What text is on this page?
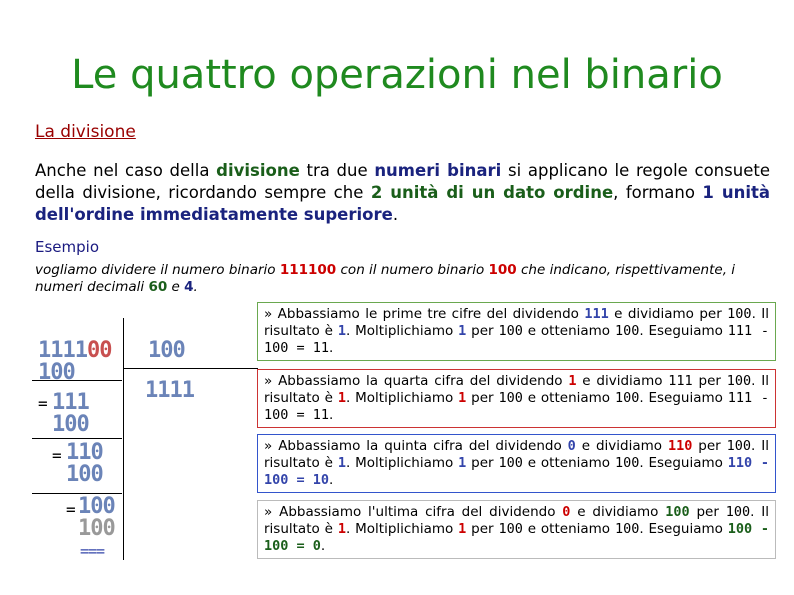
Le quattro operazioni nel binario
La divisione
Anche nel caso della divisione tra due numeri binari si applicano le regole consuete della divisione, ricordando sempre che 2 unità di un dato ordine, formano 1 unità dell'ordine immediatamente superiore.
Esempio
vogliamo dividere il numero binario 111100 con il numero binario 100 che indicano, rispettivamente, i numeri decimali 60 e 4.
111100 100
100
1111
= 111
100
= 110
100
= 100
100
===
» Abbassiamo le prime tre cifre del dividendo 111 e dividiamo per 100. Il risultato è 1. Moltiplichiamo 1 per 100 e otteniamo 100. Eseguiamo 111 - 100 = 11.
» Abbassiamo la quarta cifra del dividendo 1 e dividiamo 111 per 100. Il risultato è 1. Moltiplichiamo 1 per 100 e otteniamo 100. Eseguiamo 111 - 100 = 11.
» Abbassiamo la quinta cifra del dividendo 0 e dividiamo 110 per 100. Il risultato è 1. Moltiplichiamo 1 per 100 e otteniamo 100. Eseguiamo 110 - 100 = 10.
» Abbassiamo l'ultima cifra del dividendo 0 e dividiamo 100 per 100. Il risultato è 1. Moltiplichiamo 1 per 100 e otteniamo 100. Eseguiamo 100 - 100 = 0.
